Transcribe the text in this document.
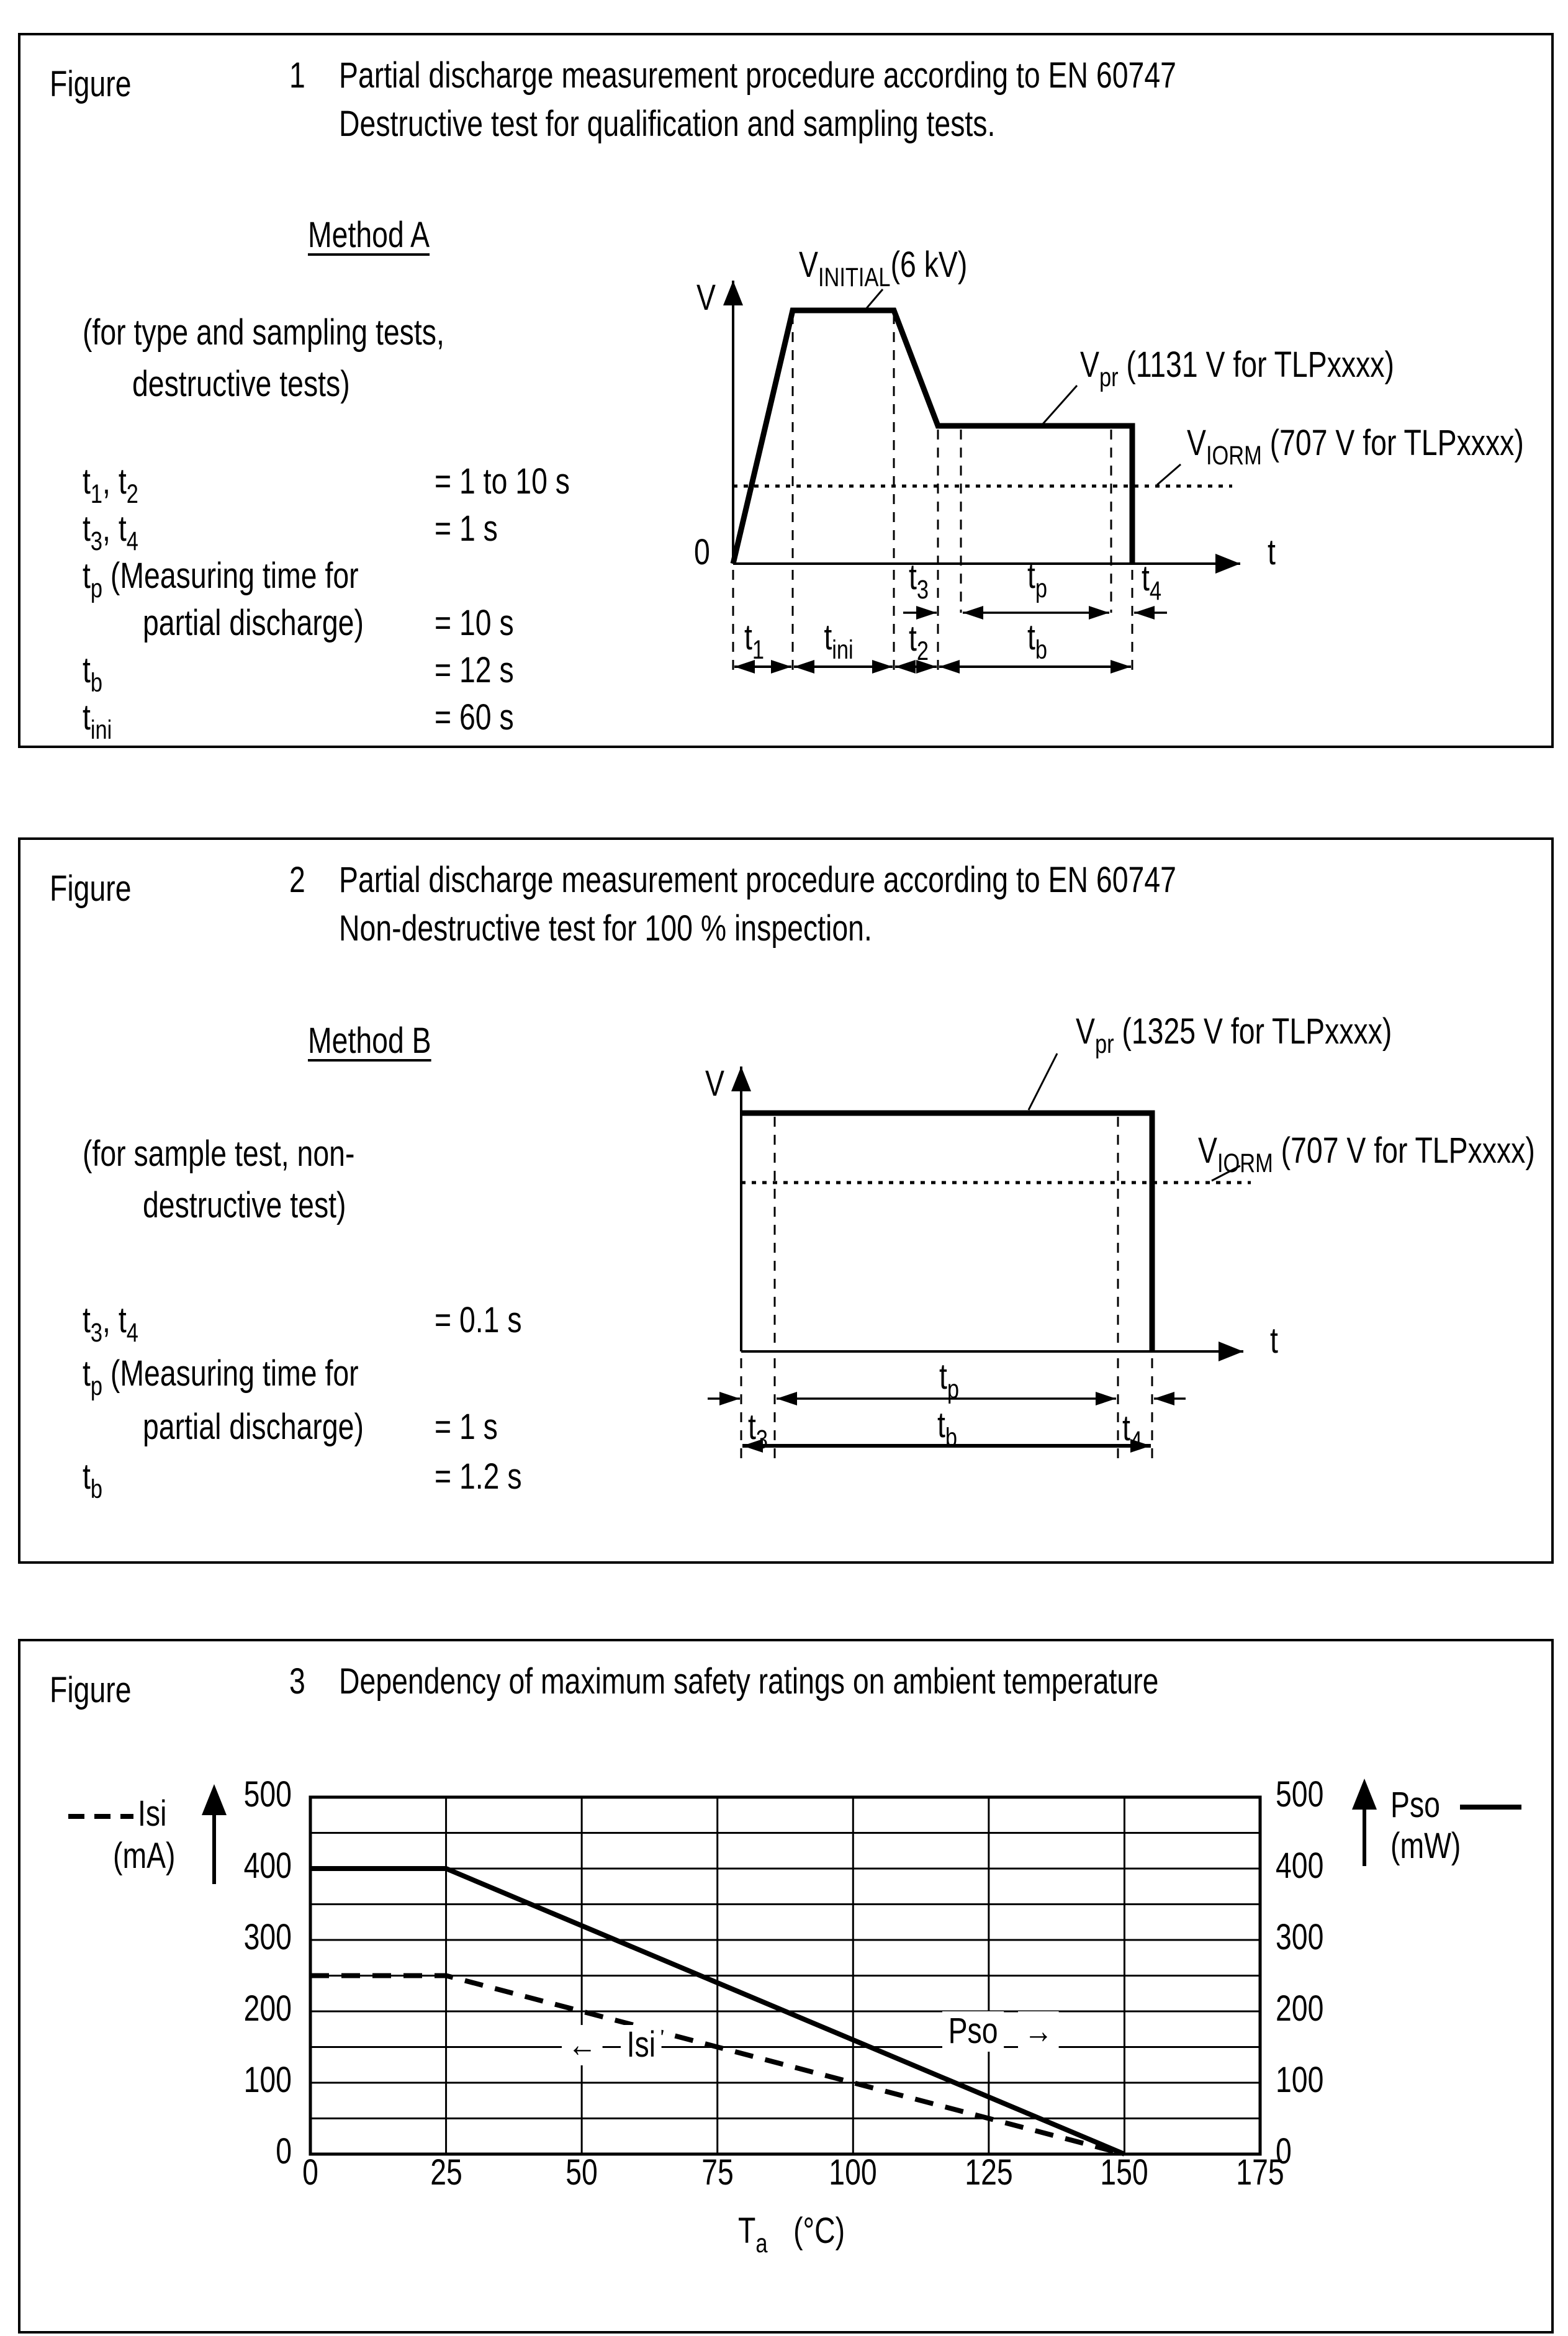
Figure	1 Partial discharge measurement procedure according to EN 60747
Destructive test for qualification and sampling tests.
Method A
(for type and sampling tests,
destructive tests)
$t_1$, $t_2$	= 1 to 10 s
$t_3$, $t_4$	= 1 s
$t_p$ (Measuring time for
partial discharge) = 10 s
$t_b$	= 12 s
$t_{ini}$	= 60 s
V
t
0
$V_{INITIAL}(6$ kV)
$V_{pr}$ (1131 V for TLPxxxx)
$V_{IORM}$ (707 V for TLPxxxx)
$t_3$	$t_p$	$t_4$
$t_1$	$t_{ini}$	$t_2$	$t_b$
Figure	2 Partial discharge measurement procedure according to EN 60747
Non-destructive test for 100 % inspection.
Method B
(for sample test, non-
destructive test)
$t_3$, $t_4$	= 0.1 s
$t_p$ (Measuring time for
partial discharge) = 1 s
$t_b$	= 1.2 s
V
t
$V_{pr}$ (1325 V for TLPxxxx)
$V_{IORM}$ (707 V for TLPxxxx)
$t_p$
$t_3$	$t_b$	$t_4$
Figure	3 Dependency of maximum safety ratings on ambient temperature
Isi
(mA)
Pso
(mW)
← Isi	Pso →
$T_a$ (°C)
0	25	50	75	100	125	150	175
0	0
100	100
200	200
300	300
400	400
500	500
